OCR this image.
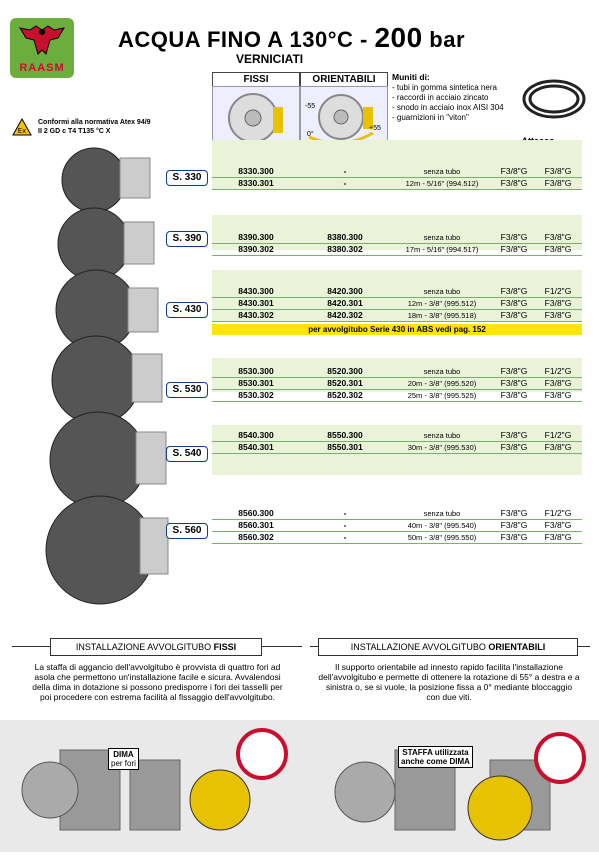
RAASM
ACQUA FINO A 130°C - 200 bar
VERNICIATI
FISSI	ORIENTABILI
-55
0°
+55
Muniti di:
- tubi in gomma sintetica nera
- raccordi in acciaio zincato
- snodo in acciaio inox AISI 304
- guarnizioni in "viton"
Ex
Conformi alla normativa Atex 94/9
II 2 GD c T4 T135 °C X
S. 330
S. 390
S. 430
S. 530
S. 540
S. 560
8330.300	-	senza tubo	F3/8"G	F3/8"G
8330.301	-	12m - 5/16" (994.512)	F3/8"G	F3/8"G
8390.300	8380.300	senza tubo	F3/8"G	F3/8"G
8390.302	8380.302	17m - 5/16" (994.517)	F3/8"G	F3/8"G
8430.300	8420.300	senza tubo	F3/8"G	F1/2"G
8430.301	8420.301	12m - 3/8" (995.512)	F3/8"G	F3/8"G
8430.302	8420.302	18m - 3/8" (995.518)	F3/8"G	F3/8"G
per avvolgitubo Serie 430 in ABS vedi pag. 152
8530.300	8520.300	senza tubo	F3/8"G	F1/2"G
8530.301	8520.301	20m - 3/8" (995.520)	F3/8"G	F3/8"G
8530.302	8520.302	25m - 3/8" (995.525)	F3/8"G	F3/8"G
8540.300	8550.300	senza tubo	F3/8"G	F1/2"G
8540.301	8550.301	30m - 3/8" (995.530)	F3/8"G	F3/8"G
8560.300	-	senza tubo	F3/8"G	F1/2"G
8560.301	-	40m - 3/8" (995.540)	F3/8"G	F3/8"G
8560.302	-	50m - 3/8" (995.550)	F3/8"G	F3/8"G
INSTALLAZIONE AVVOLGITUBO FISSI	INSTALLAZIONE AVVOLGITUBO ORIENTABILI
La staffa di aggancio dell'avvolgitubo è provvista di quattro fori ad asola che permettono un'installazione facile e sicura. Avvalendosi della dima in dotazione si possono predisporre i fori dei tasselli per poi procedere con estrema facilità al fissaggio dell'avvolgitubo.
Il supporto orientabile ad innesto rapido facilita l'installazione dell'avvolgitubo e permette di ottenere la rotazione di 55° a destra e a sinistra o, se si vuole, la posizione fissa a 0° mediante bloccaggio con due viti.
DIMA
per fori
STAFFA utilizzata
anche come DIMA
